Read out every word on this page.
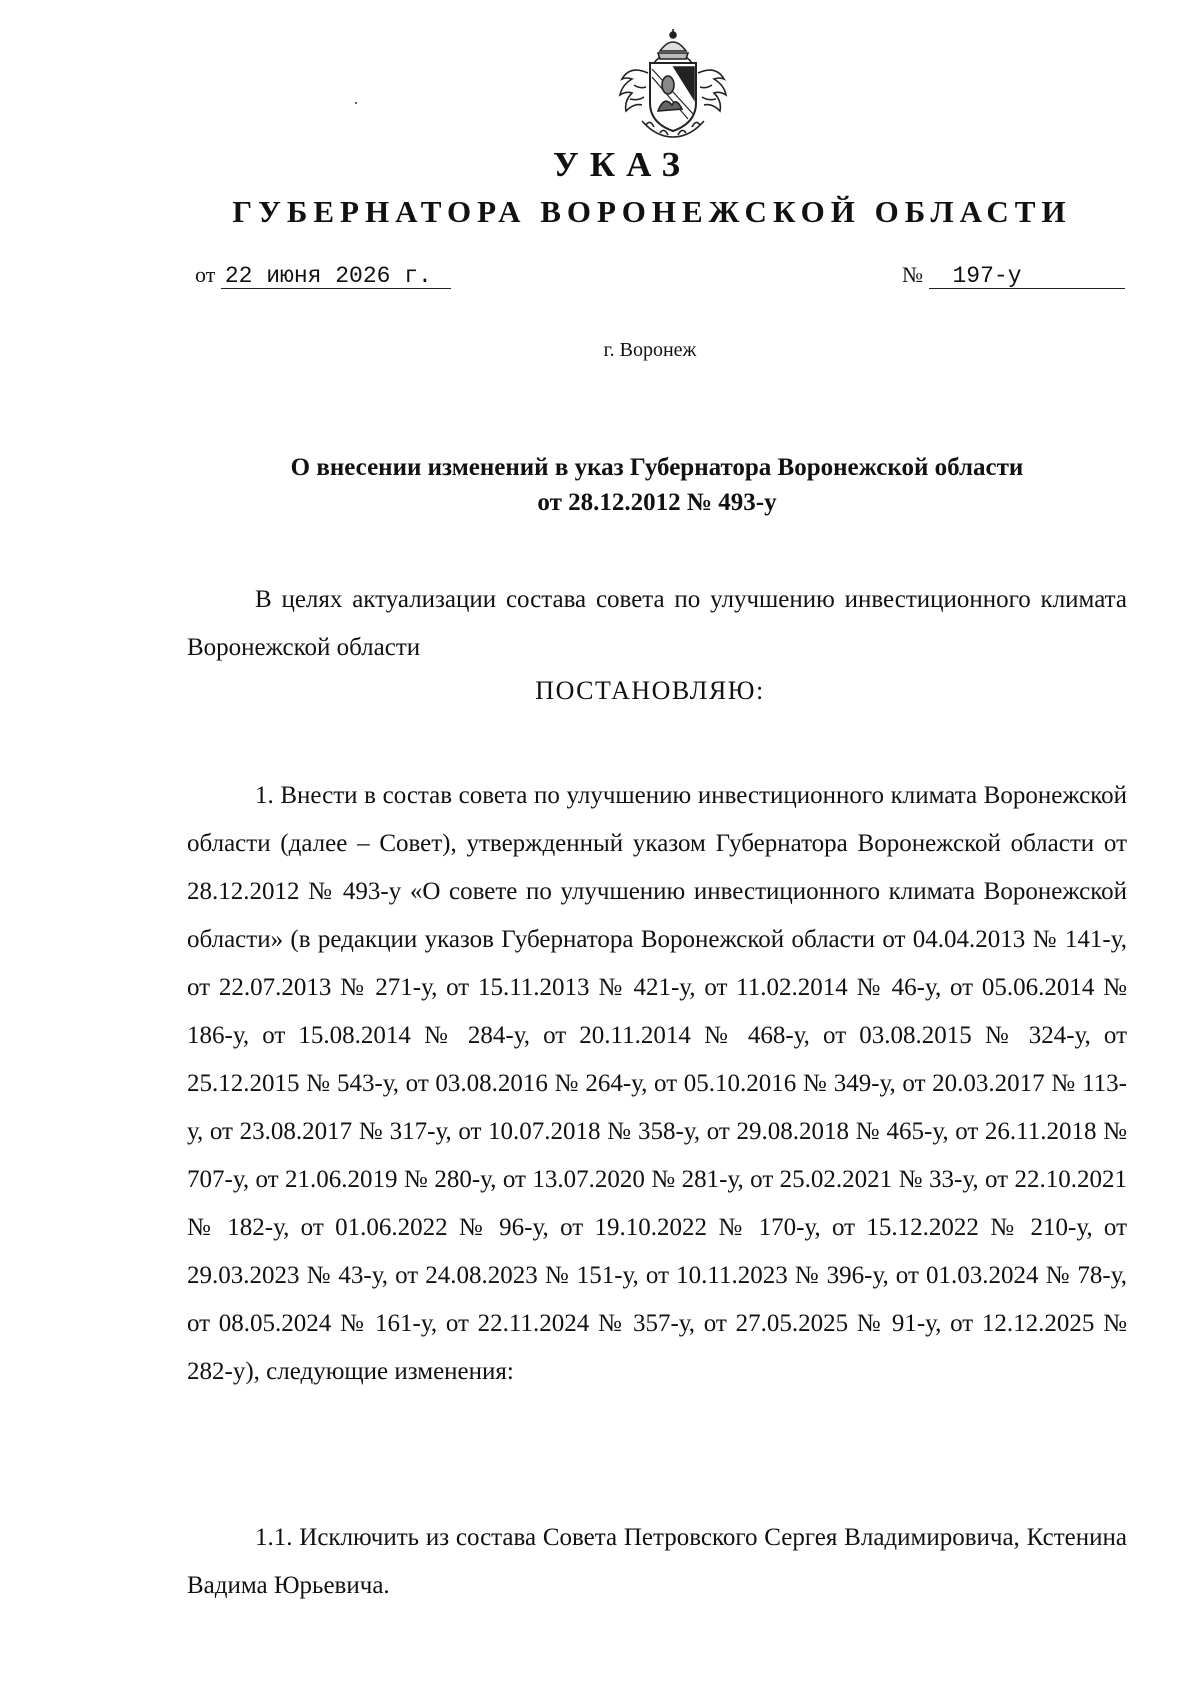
УКАЗ
ГУБЕРНАТОРА ВОРОНЕЖСКОЙ ОБЛАСТИ
от 22 июня 2026 г.	№ 197-у
г. Воронеж
О внесении изменений в указ Губернатора Воронежской области
от 28.12.2012 № 493-у

В целях актуализации состава совета по улучшению инвестиционного климата Воронежской области

ПОСТАНОВЛЯЮ:

1. Внести в состав совета по улучшению инвестиционного климата Воронежской области (далее – Совет), утвержденный указом Губернатора Воронежской области от 28.12.2012 № 493-у «О совете по улучшению инвестиционного климата Воронежской области» (в редакции указов Губернатора Воронежской области от 04.04.2013 № 141-у, от 22.07.2013 № 271-у, от 15.11.2013 № 421-у, от 11.02.2014 № 46-у, от 05.06.2014 № 186-у, от 15.08.2014 № 284-у, от 20.11.2014 № 468-у, от 03.08.2015 № 324-у, от 25.12.2015 № 543-у, от 03.08.2016 № 264-у, от 05.10.2016 № 349-у, от 20.03.2017 № 113-у, от 23.08.2017 № 317-у, от 10.07.2018 № 358-у, от 29.08.2018 № 465-у, от 26.11.2018 № 707-у, от 21.06.2019 № 280-у, от 13.07.2020 № 281-у, от 25.02.2021 № 33-у, от 22.10.2021 № 182-у, от 01.06.2022 № 96-у, от 19.10.2022 № 170-у, от 15.12.2022 № 210-у, от 29.03.2023 № 43-у, от 24.08.2023 № 151-у, от 10.11.2023 № 396-у, от 01.03.2024 № 78-у, от 08.05.2024 № 161-у, от 22.11.2024 № 357-у, от 27.05.2025 № 91-у, от 12.12.2025 № 282-у), следующие изменения:

1.1. Исключить из состава Совета Петровского Сергея Владимировича, Кстенина Вадима Юрьевича.
